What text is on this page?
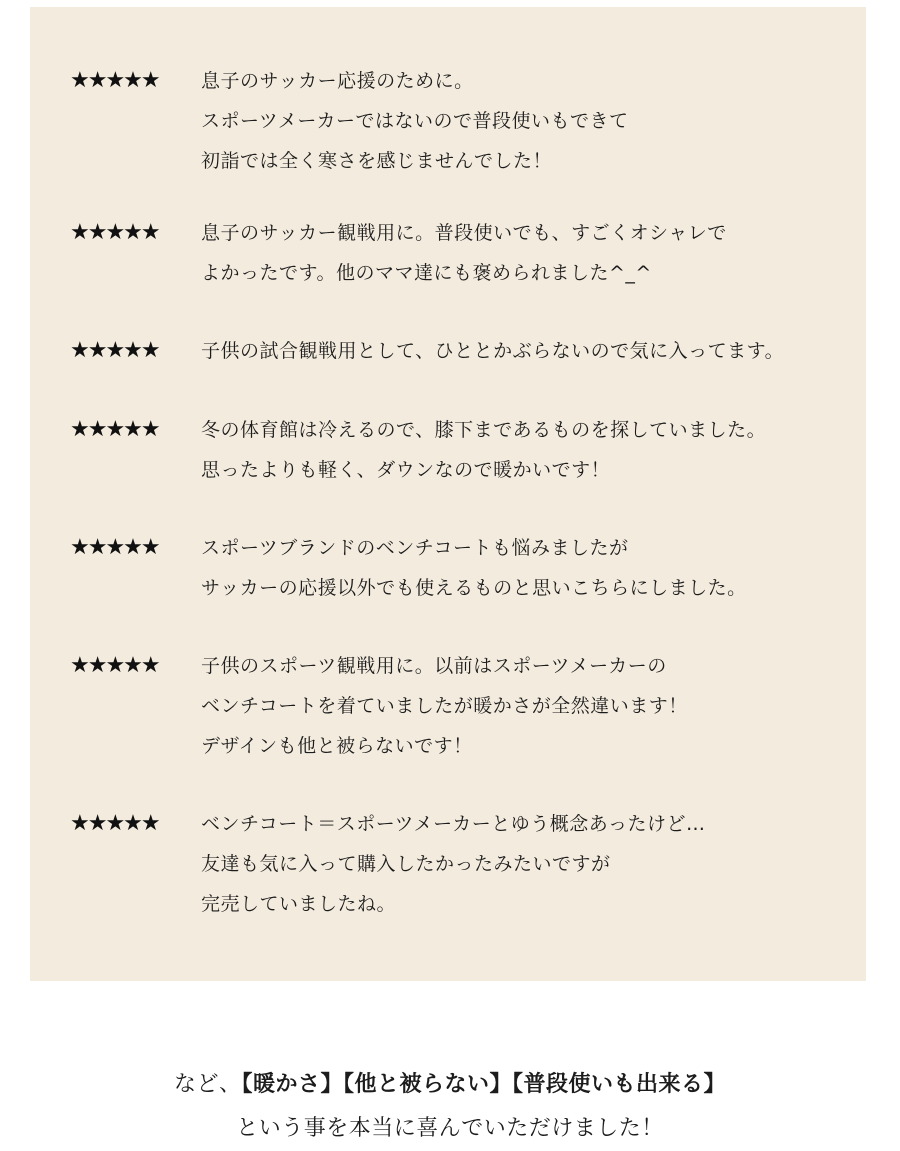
★★★★★ 息子のサッカー応援のために。
スポーツメーカーではないので普段使いもできて
初詣では全く寒さを感じませんでした！
★★★★★ 息子のサッカー観戦用に。普段使いでも、すごくオシャレで
よかったです。他のママ達にも褒められました^_^
★★★★★ 子供の試合観戦用として、ひととかぶらないので気に入ってます。
★★★★★ 冬の体育館は冷えるので、膝下まであるものを探していました。
思ったよりも軽く、ダウンなので暖かいです！
★★★★★ スポーツブランドのベンチコートも悩みましたが
サッカーの応援以外でも使えるものと思いこちらにしました。
★★★★★ 子供のスポーツ観戦用に。以前はスポーツメーカーの
ベンチコートを着ていましたが暖かさが全然違います！
デザインも他と被らないです！
★★★★★ ベンチコート＝スポーツメーカーとゆう概念あったけど…
友達も気に入って購入したかったみたいですが
完売していましたね。
など、【暖かさ】【他と被らない】【普段使いも出来る】
という事を本当に喜んでいただけました！
